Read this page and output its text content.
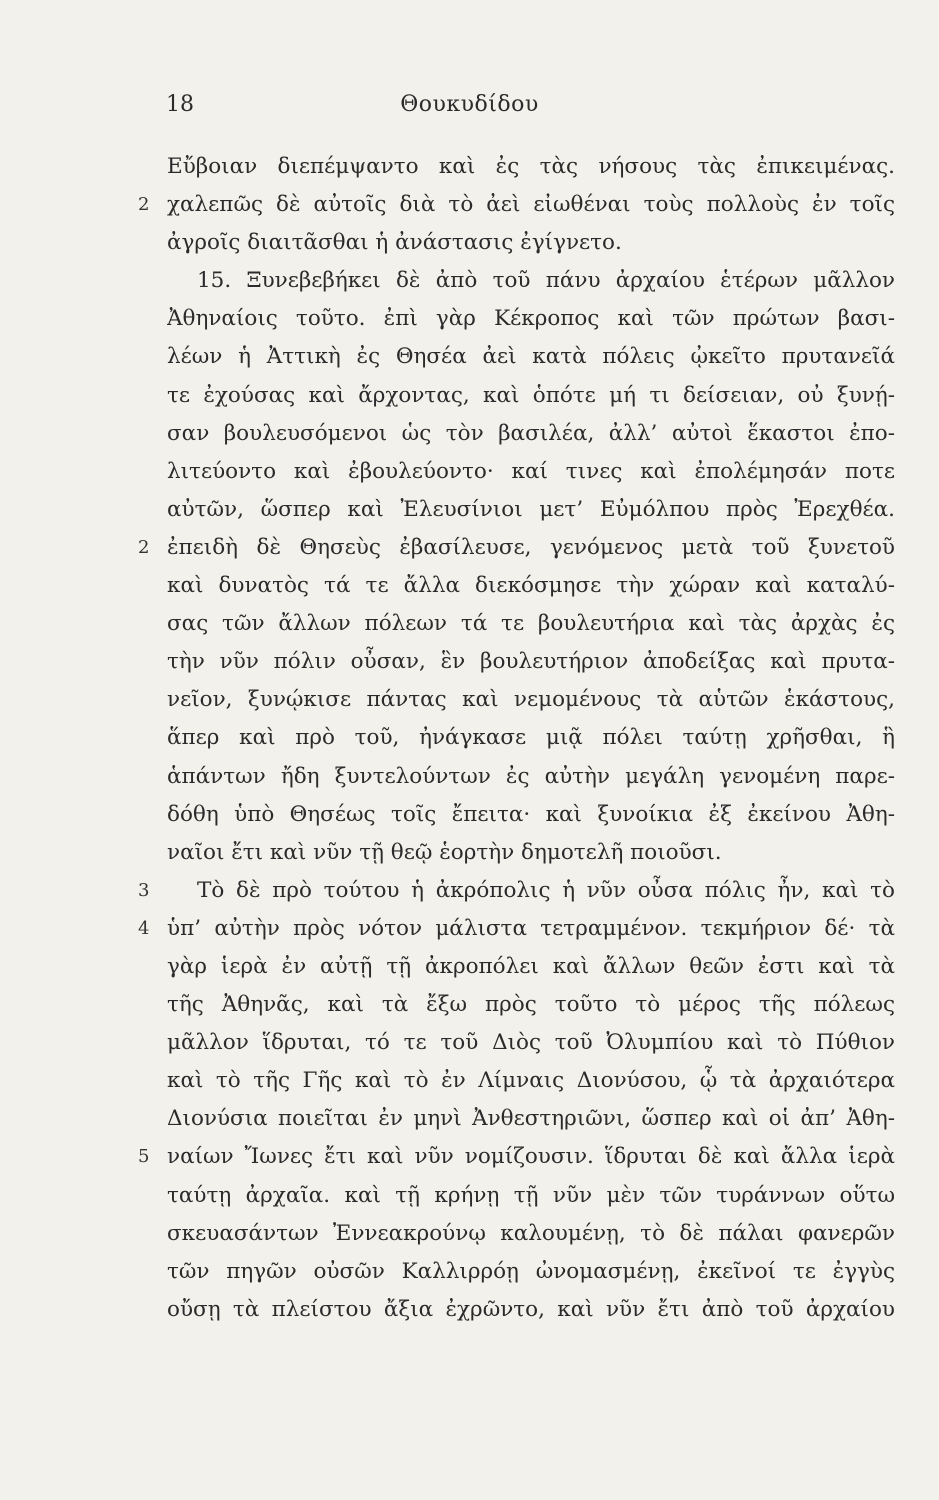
18	Θουκυδίδου
Εὔβοιαν διεπέμψαντο καὶ ἐς τὰς νήσους τὰς ἐπικειμένας.
2 χαλεπῶς δὲ αὐτοῖς διὰ τὸ ἀεὶ εἰωθέναι τοὺς πολλοὺς ἐν τοῖς
ἀγροῖς διαιτᾶσθαι ἡ ἀνάστασις ἐγίγνετο.
15. Ξυνεβεβήκει δὲ ἀπὸ τοῦ πάνυ ἀρχαίου ἑτέρων μᾶλλον
Ἀθηναίοις τοῦτο. ἐπὶ γὰρ Κέκροπος καὶ τῶν πρώτων βασι-
λέων ἡ Ἀττικὴ ἐς Θησέα ἀεὶ κατὰ πόλεις ᾠκεῖτο πρυτανεῖά
τε ἐχούσας καὶ ἄρχοντας, καὶ ὁπότε μή τι δείσειαν, οὐ ξυνῄ-
σαν βουλευσόμενοι ὡς τὸν βασιλέα, ἀλλ’ αὐτοὶ ἕκαστοι ἐπο-
λιτεύοντο καὶ ἐβουλεύοντο· καί τινες καὶ ἐπολέμησάν ποτε
αὐτῶν, ὥσπερ καὶ Ἐλευσίνιοι μετ’ Εὐμόλπου πρὸς Ἐρεχθέα.
2 ἐπειδὴ δὲ Θησεὺς ἐβασίλευσε, γενόμενος μετὰ τοῦ ξυνετοῦ
καὶ δυνατὸς τά τε ἄλλα διεκόσμησε τὴν χώραν καὶ καταλύ-
σας τῶν ἄλλων πόλεων τά τε βουλευτήρια καὶ τὰς ἀρχὰς ἐς
τὴν νῦν πόλιν οὖσαν, ἓν βουλευτήριον ἀποδείξας καὶ πρυτα-
νεῖον, ξυνῴκισε πάντας καὶ νεμομένους τὰ αὑτῶν ἑκάστους,
ἅπερ καὶ πρὸ τοῦ, ἠνάγκασε μιᾷ πόλει ταύτῃ χρῆσθαι, ἣ
ἁπάντων ἤδη ξυντελούντων ἐς αὐτὴν μεγάλη γενομένη παρε-
δόθη ὑπὸ Θησέως τοῖς ἔπειτα· καὶ ξυνοίκια ἐξ ἐκείνου Ἀθη-
ναῖοι ἔτι καὶ νῦν τῇ θεῷ ἑορτὴν δημοτελῆ ποιοῦσι.
3	Τὸ δὲ πρὸ τούτου ἡ ἀκρόπολις ἡ νῦν οὖσα πόλις ἦν, καὶ τὸ
4 ὑπ’ αὐτὴν πρὸς νότον μάλιστα τετραμμένον. τεκμήριον δέ· τὰ
γὰρ ἱερὰ ἐν αὐτῇ τῇ ἀκροπόλει καὶ ἄλλων θεῶν ἐστι καὶ τὰ
τῆς Ἀθηνᾶς, καὶ τὰ ἔξω πρὸς τοῦτο τὸ μέρος τῆς πόλεως
μᾶλλον ἵδρυται, τό τε τοῦ Διὸς τοῦ Ὀλυμπίου καὶ τὸ Πύθιον
καὶ τὸ τῆς Γῆς καὶ τὸ ἐν Λίμναις Διονύσου, ᾧ τὰ ἀρχαιότερα
Διονύσια ποιεῖται ἐν μηνὶ Ἀνθεστηριῶνι, ὥσπερ καὶ οἱ ἀπ’ Ἀθη-
5 ναίων Ἴωνες ἔτι καὶ νῦν νομίζουσιν. ἵδρυται δὲ καὶ ἄλλα ἱερὰ
ταύτῃ ἀρχαῖα. καὶ τῇ κρήνῃ τῇ νῦν μὲν τῶν τυράννων οὕτω
σκευασάντων Ἐννεακρούνῳ καλουμένῃ, τὸ δὲ πάλαι φανερῶν
τῶν πηγῶν οὐσῶν Καλλιρρόῃ ὠνομασμένῃ, ἐκεῖνοί τε ἐγγὺς
οὔσῃ τὰ πλείστου ἄξια ἐχρῶντο, καὶ νῦν ἔτι ἀπὸ τοῦ ἀρχαίου
